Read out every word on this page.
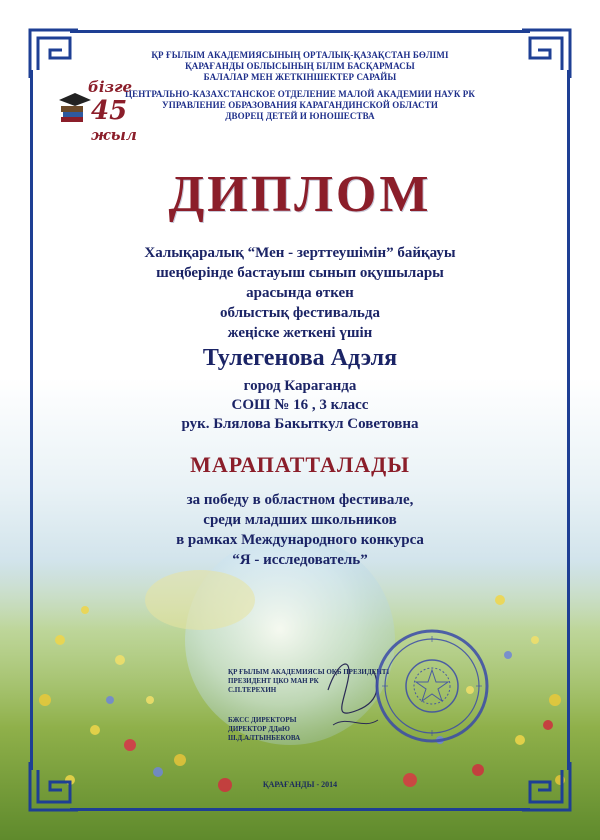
ҚР ҒЫЛЫМ АКАДЕМИЯСЫНЫҢ ОРТАЛЫҚ-ҚАЗАҚСТАН БӨЛІМІ
ҚАРАҒАНДЫ ОБЛЫСЫНЫҢ БІЛІМ БАСҚАРМАСЫ
БАЛАЛАР МЕН ЖЕТКІНШЕКТЕР САРАЙЫ
ЦЕНТРАЛЬНО-КАЗАХСТАНСКОЕ ОТДЕЛЕНИЕ МАЛОЙ АКАДЕМИИ НАУК РК
УПРАВЛЕНИЕ ОБРАЗОВАНИЯ КАРАГАНДИНСКОЙ ОБЛАСТИ
ДВОРЕЦ ДЕТЕЙ И ЮНОШЕСТВА
бізге
45
жыл
ДИПЛОМ
Халықаралық “Мен - зерттеушімін” байқауы
шеңберінде бастауыш сынып оқушылары
арасында өткен
облыстық фестивальда
жеңіске жеткені үшін
Тулегенова Адэля
город Караганда
СОШ № 16 , 3 класс
рук. Блялова Бакыткул Советовна
МАРАПАТТАЛАДЫ
за победу в областном фестивале,
среди младших школьников
в рамках Международного конкурса
“Я - исследователь”
ҚР ҒЫЛЫМ АКАДЕМИЯСЫ ОҚБ ПРЕЗИДЕНТІ
ПРЕЗИДЕНТ ЦКО МАН РК
С.П.ТЕРЕХИН
БЖСС ДИРЕКТОРЫ
ДИРЕКТОР ДДиЮ
Ш.Д.АЛТЫНБЕКОВА
ҚАРАҒАНДЫ - 2014
